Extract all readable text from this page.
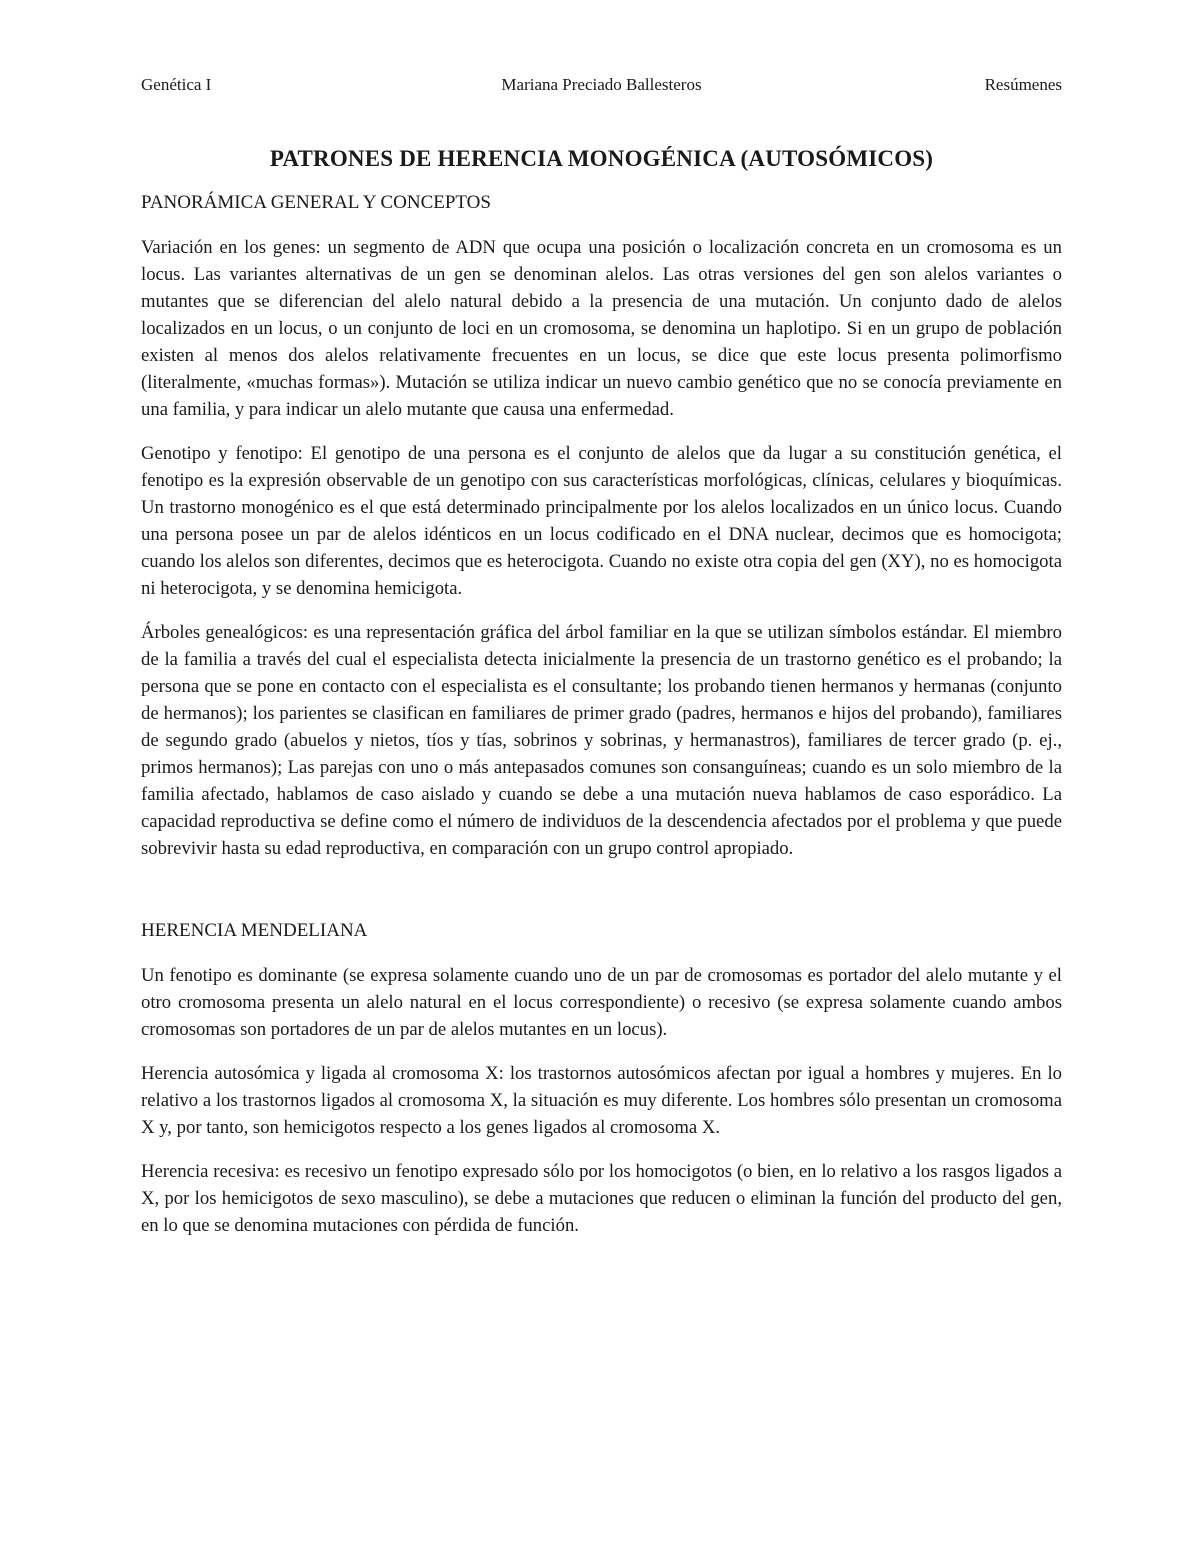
Genética I	Mariana Preciado Ballesteros	Resúmenes
PATRONES DE HERENCIA MONOGÉNICA (AUTOSÓMICOS)
PANORÁMICA GENERAL Y CONCEPTOS

Variación en los genes: un segmento de ADN que ocupa una posición o localización concreta en un cromosoma es un locus. Las variantes alternativas de un gen se denominan alelos. Las otras versiones del gen son alelos variantes o mutantes que se diferencian del alelo natural debido a la presencia de una mutación. Un conjunto dado de alelos localizados en un locus, o un conjunto de loci en un cromosoma, se denomina un haplotipo. Si en un grupo de población existen al menos dos alelos relativamente frecuentes en un locus, se dice que este locus presenta polimorfismo (literalmente, «muchas formas»). Mutación se utiliza indicar un nuevo cambio genético que no se conocía previamente en una familia, y para indicar un alelo mutante que causa una enfermedad.

Genotipo y fenotipo: El genotipo de una persona es el conjunto de alelos que da lugar a su constitución genética, el fenotipo es la expresión observable de un genotipo con sus características morfológicas, clínicas, celulares y bioquímicas. Un trastorno monogénico es el que está determinado principalmente por los alelos localizados en un único locus. Cuando una persona posee un par de alelos idénticos en un locus codificado en el DNA nuclear, decimos que es homocigota; cuando los alelos son diferentes, decimos que es heterocigota. Cuando no existe otra copia del gen (XY), no es homocigota ni heterocigota, y se denomina hemicigota.

Árboles genealógicos: es una representación gráfica del árbol familiar en la que se utilizan símbolos estándar. El miembro de la familia a través del cual el especialista detecta inicialmente la presencia de un trastorno genético es el probando; la persona que se pone en contacto con el especialista es el consultante; los probando tienen hermanos y hermanas (conjunto de hermanos); los parientes se clasifican en familiares de primer grado (padres, hermanos e hijos del probando), familiares de segundo grado (abuelos y nietos, tíos y tías, sobrinos y sobrinas, y hermanastros), familiares de tercer grado (p. ej., primos hermanos); Las parejas con uno o más antepasados comunes son consanguíneas; cuando es un solo miembro de la familia afectado, hablamos de caso aislado y cuando se debe a una mutación nueva hablamos de caso esporádico. La capacidad reproductiva se define como el número de individuos de la descendencia afectados por el problema y que puede sobrevivir hasta su edad reproductiva, en comparación con un grupo control apropiado.

HERENCIA MENDELIANA

Un fenotipo es dominante (se expresa solamente cuando uno de un par de cromosomas es portador del alelo mutante y el otro cromosoma presenta un alelo natural en el locus correspondiente) o recesivo (se expresa solamente cuando ambos cromosomas son portadores de un par de alelos mutantes en un locus).

Herencia autosómica y ligada al cromosoma X: los trastornos autosómicos afectan por igual a hombres y mujeres. En lo relativo a los trastornos ligados al cromosoma X, la situación es muy diferente. Los hombres sólo presentan un cromosoma X y, por tanto, son hemicigotos respecto a los genes ligados al cromosoma X.

Herencia recesiva: es recesivo un fenotipo expresado sólo por los homocigotos (o bien, en lo relativo a los rasgos ligados a X, por los hemicigotos de sexo masculino), se debe a mutaciones que reducen o eliminan la función del producto del gen, en lo que se denomina mutaciones con pérdida de función.
